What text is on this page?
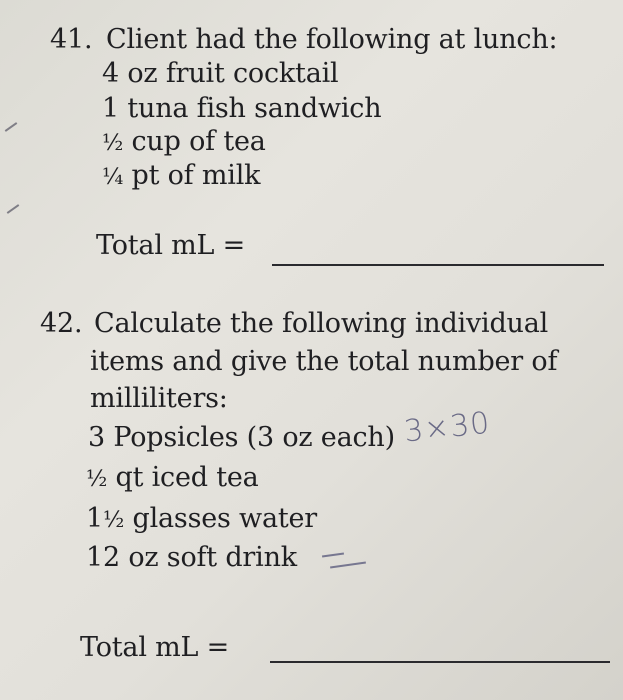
41. Client had the following at lunch:
4 oz fruit cocktail
1 tuna fish sandwich
½ cup of tea
¼ pt of milk
Total mL =
42. Calculate the following individual
items and give the total number of
milliliters:
3 Popsicles (3 oz each) 3×30
½ qt iced tea
1½ glasses water
12 oz soft drink
Total mL =
